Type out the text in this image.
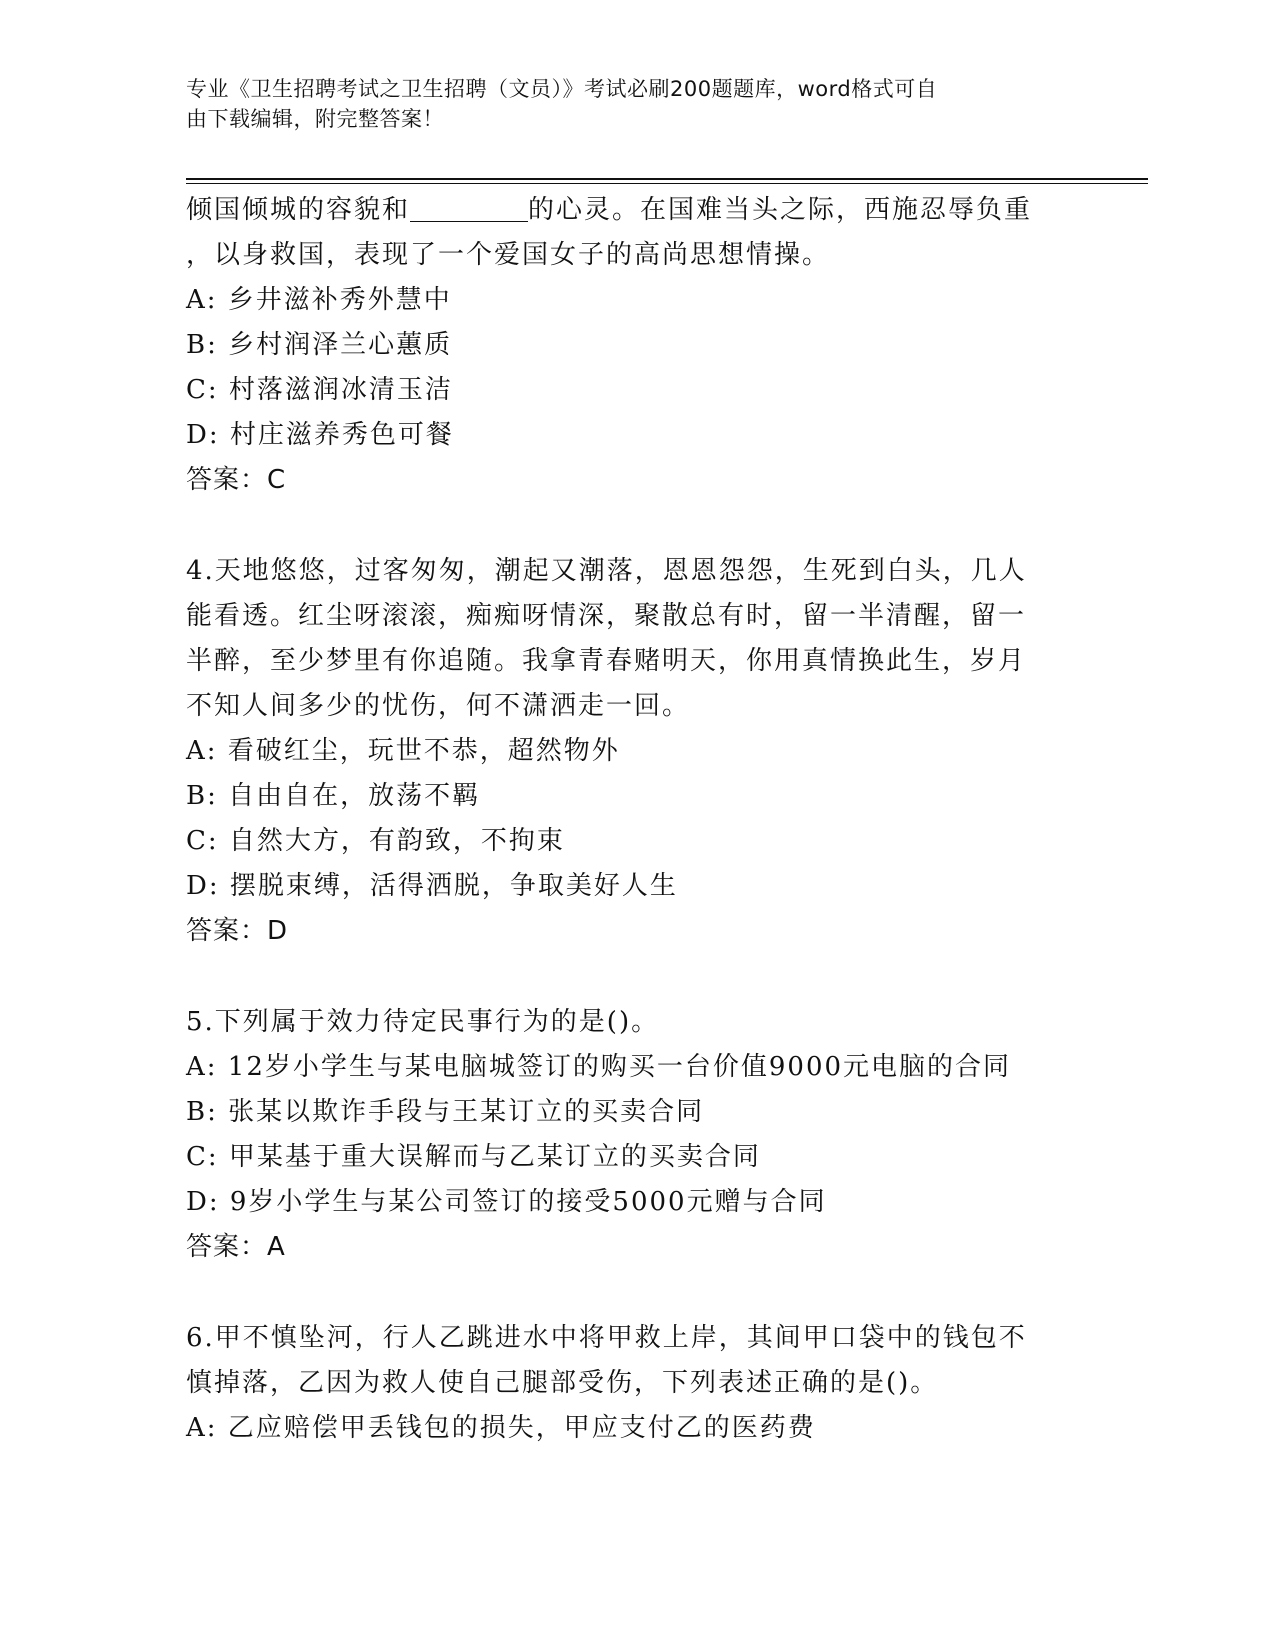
专业《卫生招聘考试之卫生招聘（文员）》考试必刷200题题库，word格式可自
由下载编辑，附完整答案！
倾国倾城的容貌和	的心灵。在国难当头之际，西施忍辱负重
，以身救国，表现了一个爱国女子的高尚思想情操。
A: 乡井滋补秀外慧中
B: 乡村润泽兰心蕙质
C: 村落滋润冰清玉洁
D: 村庄滋养秀色可餐
答案：C
4.天地悠悠，过客匆匆，潮起又潮落，恩恩怨怨，生死到白头，几人
能看透。红尘呀滚滚，痴痴呀情深，聚散总有时，留一半清醒，留一
半醉，至少梦里有你追随。我拿青春赌明天，你用真情换此生，岁月
不知人间多少的忧伤，何不潇洒走一回。
A: 看破红尘，玩世不恭，超然物外
B: 自由自在，放荡不羁
C: 自然大方，有韵致，不拘束
D: 摆脱束缚，活得洒脱，争取美好人生
答案：D
5.下列属于效力待定民事行为的是()。
A: 12岁小学生与某电脑城签订的购买一台价值9000元电脑的合同
B: 张某以欺诈手段与王某订立的买卖合同
C: 甲某基于重大误解而与乙某订立的买卖合同
D: 9岁小学生与某公司签订的接受5000元赠与合同
答案：A
6.甲不慎坠河，行人乙跳进水中将甲救上岸，其间甲口袋中的钱包不
慎掉落，乙因为救人使自己腿部受伤，下列表述正确的是()。
A: 乙应赔偿甲丢钱包的损失，甲应支付乙的医药费
